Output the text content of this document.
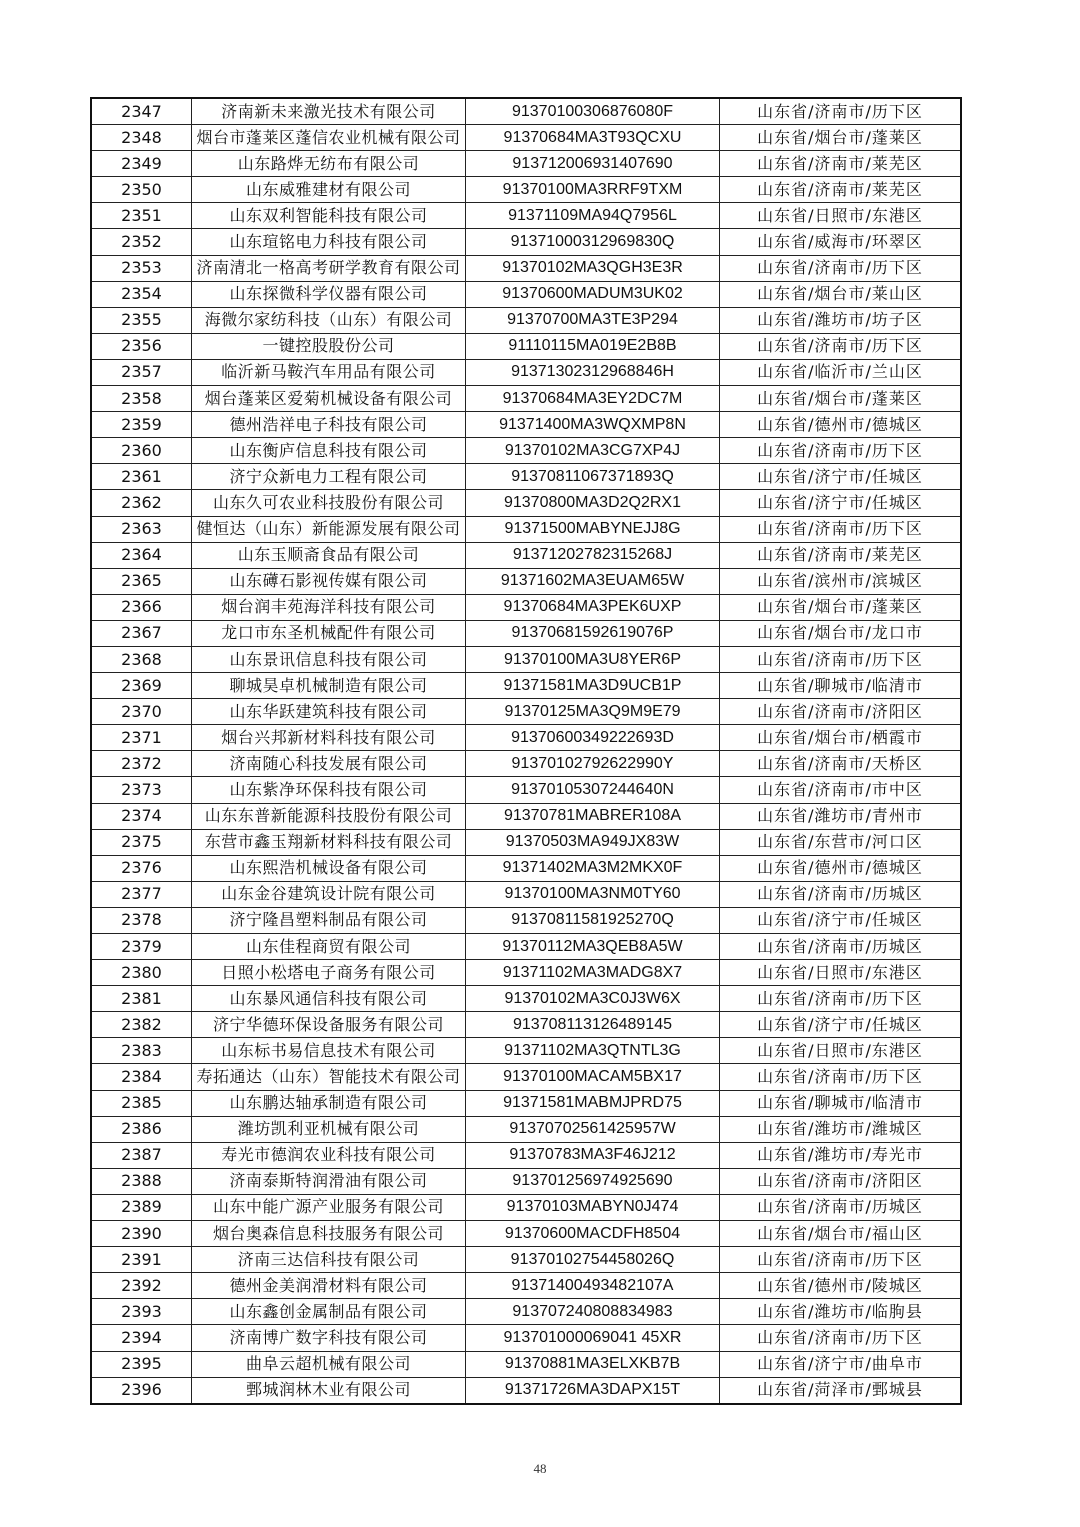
2347	济南新未来激光技术有限公司	91370100306876080F	山东省/济南市/历下区
2348	烟台市蓬莱区蓬信农业机械有限公司	91370684MA3T93QCXU	山东省/烟台市/蓬莱区
2349	山东路烨无纺布有限公司	913712006931407690	山东省/济南市/莱芜区
2350	山东威雅建材有限公司	91370100MA3RRF9TXM	山东省/济南市/莱芜区
2351	山东双利智能科技有限公司	91371109MA94Q7956L	山东省/日照市/东港区
2352	山东瑄铭电力科技有限公司	91371000312969830Q	山东省/威海市/环翠区
2353	济南清北一格高考研学教育有限公司	91370102MA3QGH3E3R	山东省/济南市/历下区
2354	山东探微科学仪器有限公司	91370600MADUM3UK02	山东省/烟台市/莱山区
2355	海微尔家纺科技（山东）有限公司	91370700MA3TE3P294	山东省/潍坊市/坊子区
2356	一键控股股份公司	91110115MA019E2B8B	山东省/济南市/历下区
2357	临沂新马鞍汽车用品有限公司	91371302312968846H	山东省/临沂市/兰山区
2358	烟台蓬莱区爱菊机械设备有限公司	91370684MA3EY2DC7M	山东省/烟台市/蓬莱区
2359	德州浩祥电子科技有限公司	91371400MA3WQXMP8N	山东省/德州市/德城区
2360	山东衡庐信息科技有限公司	91370102MA3CG7XP4J	山东省/济南市/历下区
2361	济宁众新电力工程有限公司	91370811067371893Q	山东省/济宁市/任城区
2362	山东久可农业科技股份有限公司	91370800MA3D2Q2RX1	山东省/济宁市/任城区
2363	健恒达（山东）新能源发展有限公司	91371500MABYNEJJ8G	山东省/济南市/历下区
2364	山东玉顺斋食品有限公司	91371202782315268J	山东省/济南市/莱芜区
2365	山东礡石影视传媒有限公司	91371602MA3EUAM65W	山东省/滨州市/滨城区
2366	烟台润丰苑海洋科技有限公司	91370684MA3PEK6UXP	山东省/烟台市/蓬莱区
2367	龙口市东圣机械配件有限公司	91370681592619076P	山东省/烟台市/龙口市
2368	山东景讯信息科技有限公司	91370100MA3U8YER6P	山东省/济南市/历下区
2369	聊城昊卓机械制造有限公司	91371581MA3D9UCB1P	山东省/聊城市/临清市
2370	山东华跃建筑科技有限公司	91370125MA3Q9M9E79	山东省/济南市/济阳区
2371	烟台兴邦新材料科技有限公司	91370600349222693D	山东省/烟台市/栖霞市
2372	济南随心科技发展有限公司	91370102792622990Y	山东省/济南市/天桥区
2373	山东紫净环保科技有限公司	91370105307244640N	山东省/济南市/市中区
2374	山东东普新能源科技股份有限公司	91370781MABRER108A	山东省/潍坊市/青州市
2375	东营市鑫玉翔新材料科技有限公司	91370503MA949JX83W	山东省/东营市/河口区
2376	山东熙浩机械设备有限公司	91371402MA3M2MKX0F	山东省/德州市/德城区
2377	山东金谷建筑设计院有限公司	91370100MA3NM0TY60	山东省/济南市/历城区
2378	济宁隆昌塑料制品有限公司	91370811581925270Q	山东省/济宁市/任城区
2379	山东佳程商贸有限公司	91370112MA3QEB8A5W	山东省/济南市/历城区
2380	日照小松塔电子商务有限公司	91371102MA3MADG8X7	山东省/日照市/东港区
2381	山东暴风通信科技有限公司	91370102MA3C0J3W6X	山东省/济南市/历下区
2382	济宁华德环保设备服务有限公司	913708113126489145	山东省/济宁市/任城区
2383	山东标书易信息技术有限公司	91371102MA3QTNTL3G	山东省/日照市/东港区
2384	寿拓通达（山东）智能技术有限公司	91370100MACAM5BX17	山东省/济南市/历下区
2385	山东鹏达轴承制造有限公司	91371581MABMJPRD75	山东省/聊城市/临清市
2386	潍坊凯利亚机械有限公司	91370702561425957W	山东省/潍坊市/潍城区
2387	寿光市德润农业科技有限公司	91370783MA3F46J212	山东省/潍坊市/寿光市
2388	济南泰斯特润滑油有限公司	913701256974925690	山东省/济南市/济阳区
2389	山东中能广源产业服务有限公司	91370103MABYN0J474	山东省/济南市/历城区
2390	烟台奥森信息科技服务有限公司	91370600MACDFH8504	山东省/烟台市/福山区
2391	济南三达信科技有限公司	91370102754458026Q	山东省/济南市/历下区
2392	德州金美润滑材料有限公司	91371400493482107A	山东省/德州市/陵城区
2393	山东鑫创金属制品有限公司	913707240808834983	山东省/潍坊市/临朐县
2394	济南博广数字科技有限公司	913701000069041 45XR	山东省/济南市/历下区
2395	曲阜云超机械有限公司	91370881MA3ELXKB7B	山东省/济宁市/曲阜市
2396	鄄城润林木业有限公司	91371726MA3DAPX15T	山东省/菏泽市/鄄城县
48
